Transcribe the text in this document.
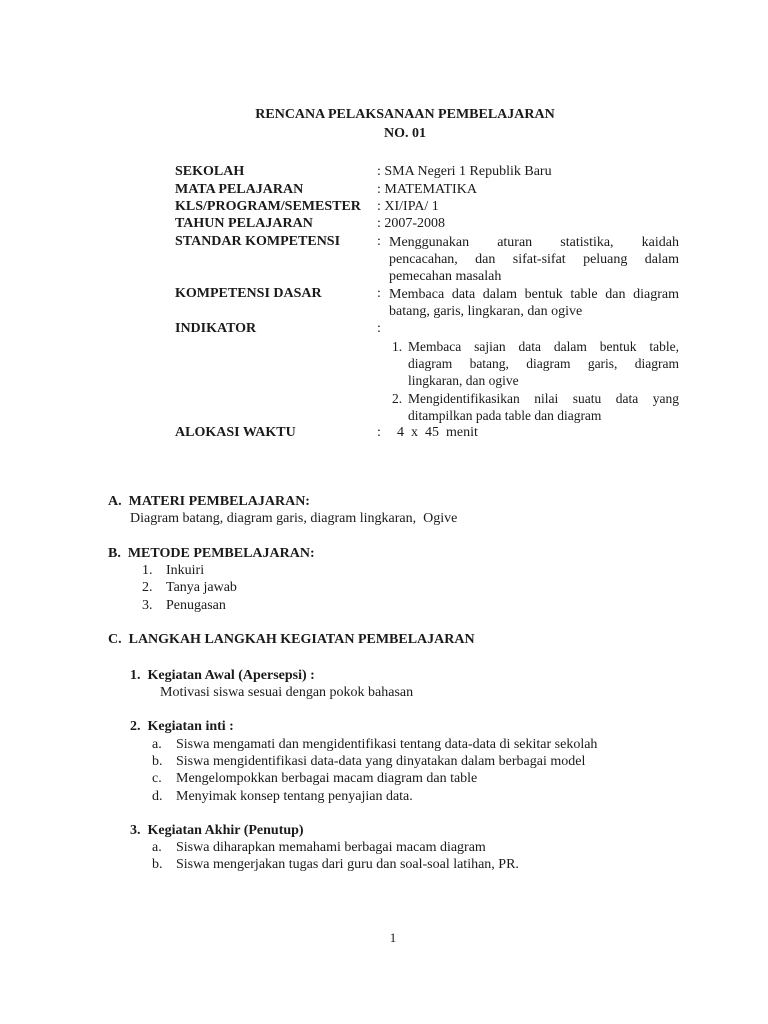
RENCANA PELAKSANAAN PEMBELAJARAN
NO. 01
SEKOLAH	: SMA Negeri 1 Republik Baru
MATA PELAJARAN	: MATEMATIKA
KLS/PROGRAM/SEMESTER : XI/IPA/ 1
TAHUN PELAJARAN	: 2007-2008
STANDAR KOMPETENSI	: Menggunakan aturan statistika, kaidah
pencacahan, dan sifat-sifat peluang dalam
pemecahan masalah
KOMPETENSI DASAR	: Membaca data dalam bentuk table dan diagram
batang, garis, lingkaran, dan ogive
INDIKATOR	:
1. Membaca sajian data dalam bentuk table,
diagram batang, diagram garis, diagram
lingkaran, dan ogive
2. Mengidentifikasikan nilai suatu data yang
ditampilkan pada table dan diagram
ALOKASI WAKTU	: 4  x  45  menit
A.  MATERI PEMBELAJARAN:
Diagram batang, diagram garis, diagram lingkaran,  Ogive
B.  METODE PEMBELAJARAN:
1. Inkuiri
2. Tanya jawab
3. Penugasan
C.  LANGKAH LANGKAH KEGIATAN PEMBELAJARAN
1.  Kegiatan Awal (Apersepsi) :
Motivasi siswa sesuai dengan pokok bahasan
2.  Kegiatan inti :
a. Siswa mengamati dan mengidentifikasi tentang data-data di sekitar sekolah
b. Siswa mengidentifikasi data-data yang dinyatakan dalam berbagai model
c. Mengelompokkan berbagai macam diagram dan table
d. Menyimak konsep tentang penyajian data.
3.  Kegiatan Akhir (Penutup)
a. Siswa diharapkan memahami berbagai macam diagram
b. Siswa mengerjakan tugas dari guru dan soal-soal latihan, PR.
1
